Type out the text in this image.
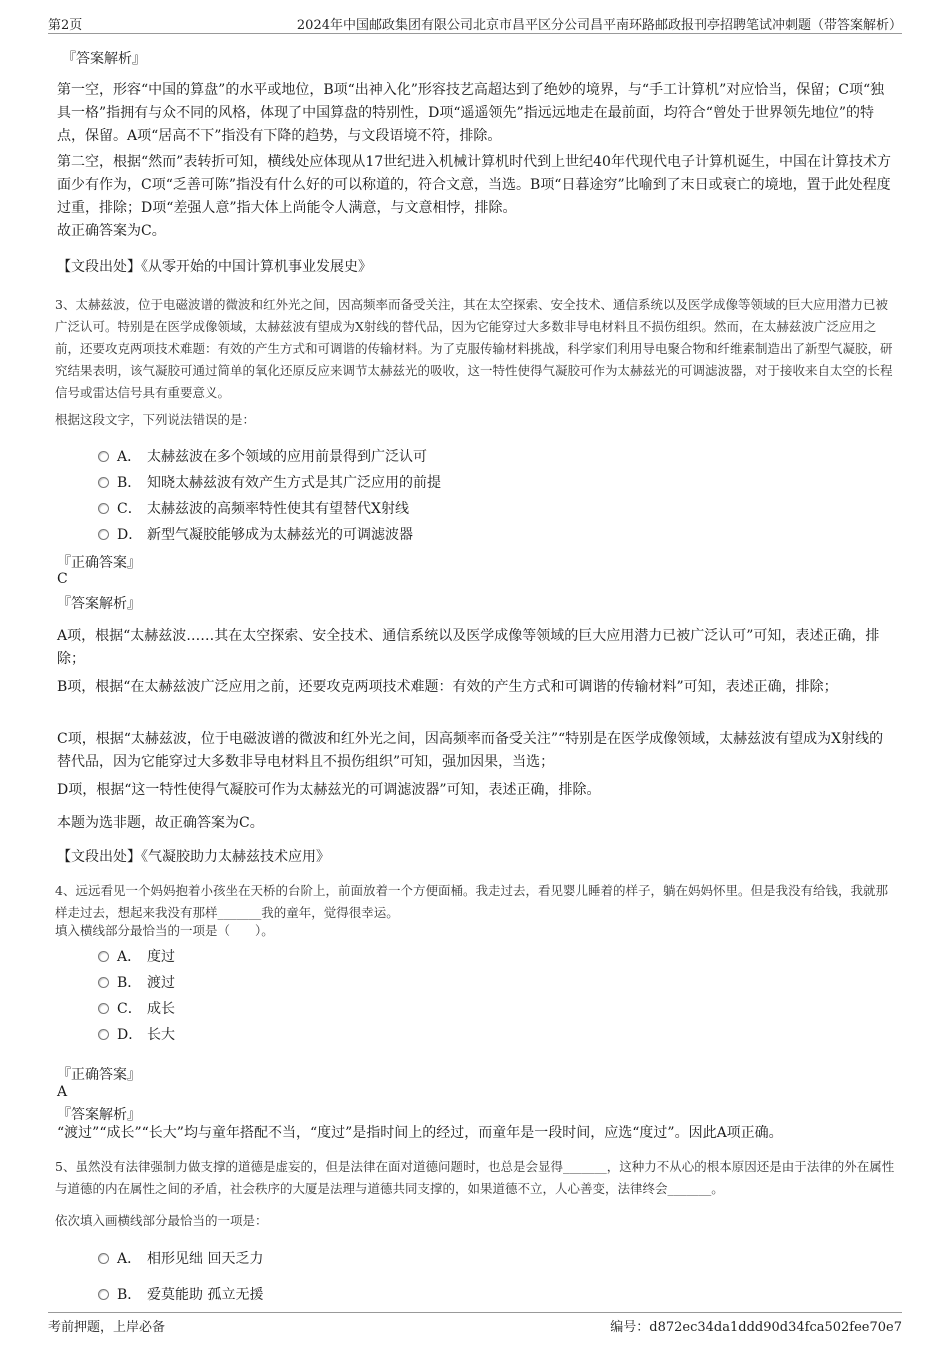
第2页	2024年中国邮政集团有限公司北京市昌平区分公司昌平南环路邮政报刊亭招聘笔试冲刺题（带答案解析）
『答案解析』

第一空，形容“中国的算盘”的水平或地位，B项“出神入化”形容技艺高超达到了绝妙的境界，与“手工计算机”对应恰当，保留；C项“独具一格”指拥有与众不同的风格，体现了中国算盘的特别性，D项“遥遥领先”指远远地走在最前面，均符合“曾处于世界领先地位”的特点，保留。A项“居高不下”指没有下降的趋势，与文段语境不符，排除。

第二空，根据“然而”表转折可知，横线处应体现从17世纪进入机械计算机时代到上世纪40年代现代电子计算机诞生，中国在计算技术方面少有作为，C项“乏善可陈”指没有什么好的可以称道的，符合文意，当选。B项“日暮途穷”比喻到了末日或衰亡的境地，置于此处程度过重，排除；D项“差强人意”指大体上尚能令人满意，与文意相悖，排除。

故正确答案为C。

【文段出处】《从零开始的中国计算机事业发展史》

3、太赫兹波，位于电磁波谱的微波和红外光之间，因高频率而备受关注，其在太空探索、安全技术、通信系统以及医学成像等领域的巨大应用潜力已被广泛认可。特别是在医学成像领域，太赫兹波有望成为X射线的替代品，因为它能穿过大多数非导电材料且不损伤组织。然而，在太赫兹波广泛应用之前，还要攻克两项技术难题：有效的产生方式和可调谐的传输材料。为了克服传输材料挑战，科学家们利用导电聚合物和纤维素制造出了新型气凝胶，研究结果表明，该气凝胶可通过简单的氧化还原反应来调节太赫兹光的吸收，这一特性使得气凝胶可作为太赫兹光的可调滤波器，对于接收来自太空的长程信号或雷达信号具有重要意义。

根据这段文字，下列说法错误的是：

A． 太赫兹波在多个领域的应用前景得到广泛认可
B． 知晓太赫兹波有效产生方式是其广泛应用的前提
C． 太赫兹波的高频率特性使其有望替代X射线
D． 新型气凝胶能够成为太赫兹光的可调滤波器
『正确答案』
C
『答案解析』

A项，根据“太赫兹波……其在太空探索、安全技术、通信系统以及医学成像等领域的巨大应用潜力已被广泛认可”可知，表述正确，排除；

B项，根据“在太赫兹波广泛应用之前，还要攻克两项技术难题：有效的产生方式和可调谐的传输材料”可知，表述正确，排除；

C项，根据“太赫兹波，位于电磁波谱的微波和红外光之间，因高频率而备受关注”“特别是在医学成像领域，太赫兹波有望成为X射线的替代品，因为它能穿过大多数非导电材料且不损伤组织”可知，强加因果，当选；

D项，根据“这一特性使得气凝胶可作为太赫兹光的可调滤波器”可知，表述正确，排除。

本题为选非题，故正确答案为C。

【文段出处】《气凝胶助力太赫兹技术应用》

4、远远看见一个妈妈抱着小孩坐在天桥的台阶上，前面放着一个方便面桶。我走过去，看见婴儿睡着的样子，躺在妈妈怀里。但是我没有给钱，我就那样走过去，想起来我没有那样_______我的童年，觉得很幸运。

填入横线部分最恰当的一项是（　　）。

A． 度过
B． 渡过
C． 成长
D． 长大
『正确答案』
A
『答案解析』

“渡过”“成长”“长大”均与童年搭配不当，“度过”是指时间上的经过，而童年是一段时间，应选“度过”。因此A项正确。

5、虽然没有法律强制力做支撑的道德是虚妄的，但是法律在面对道德问题时，也总是会显得_______，这种力不从心的根本原因还是由于法律的外在属性与道德的内在属性之间的矛盾，社会秩序的大厦是法理与道德共同支撑的，如果道德不立，人心善变，法律终会_______。

依次填入画横线部分最恰当的一项是：

A． 相形见绌 回天乏力
B． 爱莫能助 孤立无援
考前押题，上岸必备	编号：d872ec34da1ddd90d34fca502fee70e7
